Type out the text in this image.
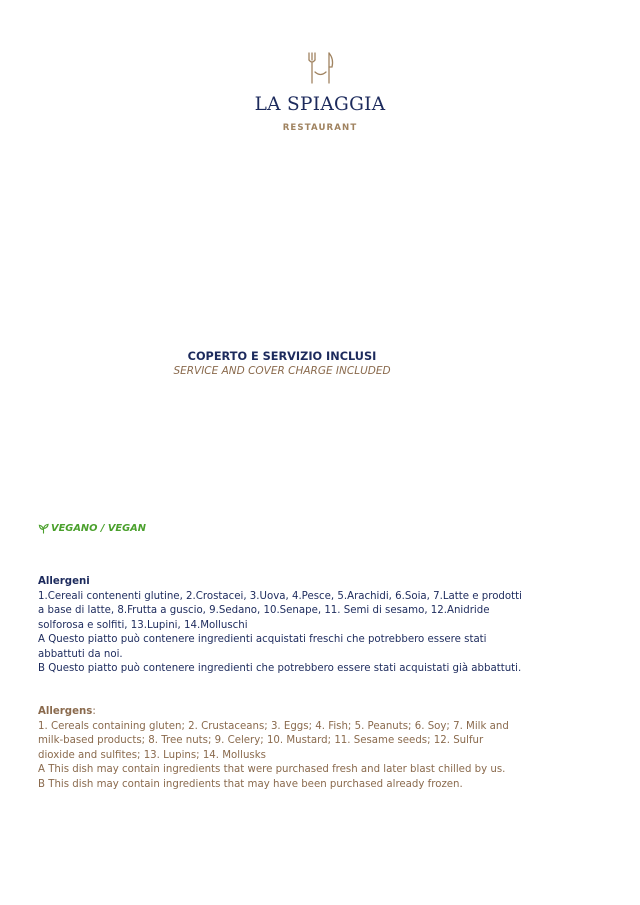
LA SPIAGGIA
RESTAURANT
COPERTO E SERVIZIO INCLUSI
SERVICE AND COVER CHARGE INCLUDED
VEGANO / VEGAN

Allergeni

1.Cereali contenenti glutine, 2.Crostacei, 3.Uova, 4.Pesce, 5.Arachidi, 6.Soia, 7.Latte e prodotti a base di latte, 8.Frutta a guscio, 9.Sedano, 10.Senape, 11. Semi di sesamo, 12.Anidride solforosa e solfiti, 13.Lupini, 14.Molluschi

A Questo piatto può contenere ingredienti acquistati freschi che potrebbero essere stati abbattuti da noi.

B Questo piatto può contenere ingredienti che potrebbero essere stati acquistati già abbattuti.

Allergens:

1. Cereals containing gluten; 2. Crustaceans; 3. Eggs; 4. Fish; 5. Peanuts; 6. Soy; 7. Milk and milk-based products; 8. Tree nuts; 9. Celery; 10. Mustard; 11. Sesame seeds; 12. Sulfur dioxide and sulfites; 13. Lupins; 14. Mollusks

A This dish may contain ingredients that were purchased fresh and later blast chilled by us.

B This dish may contain ingredients that may have been purchased already frozen.
